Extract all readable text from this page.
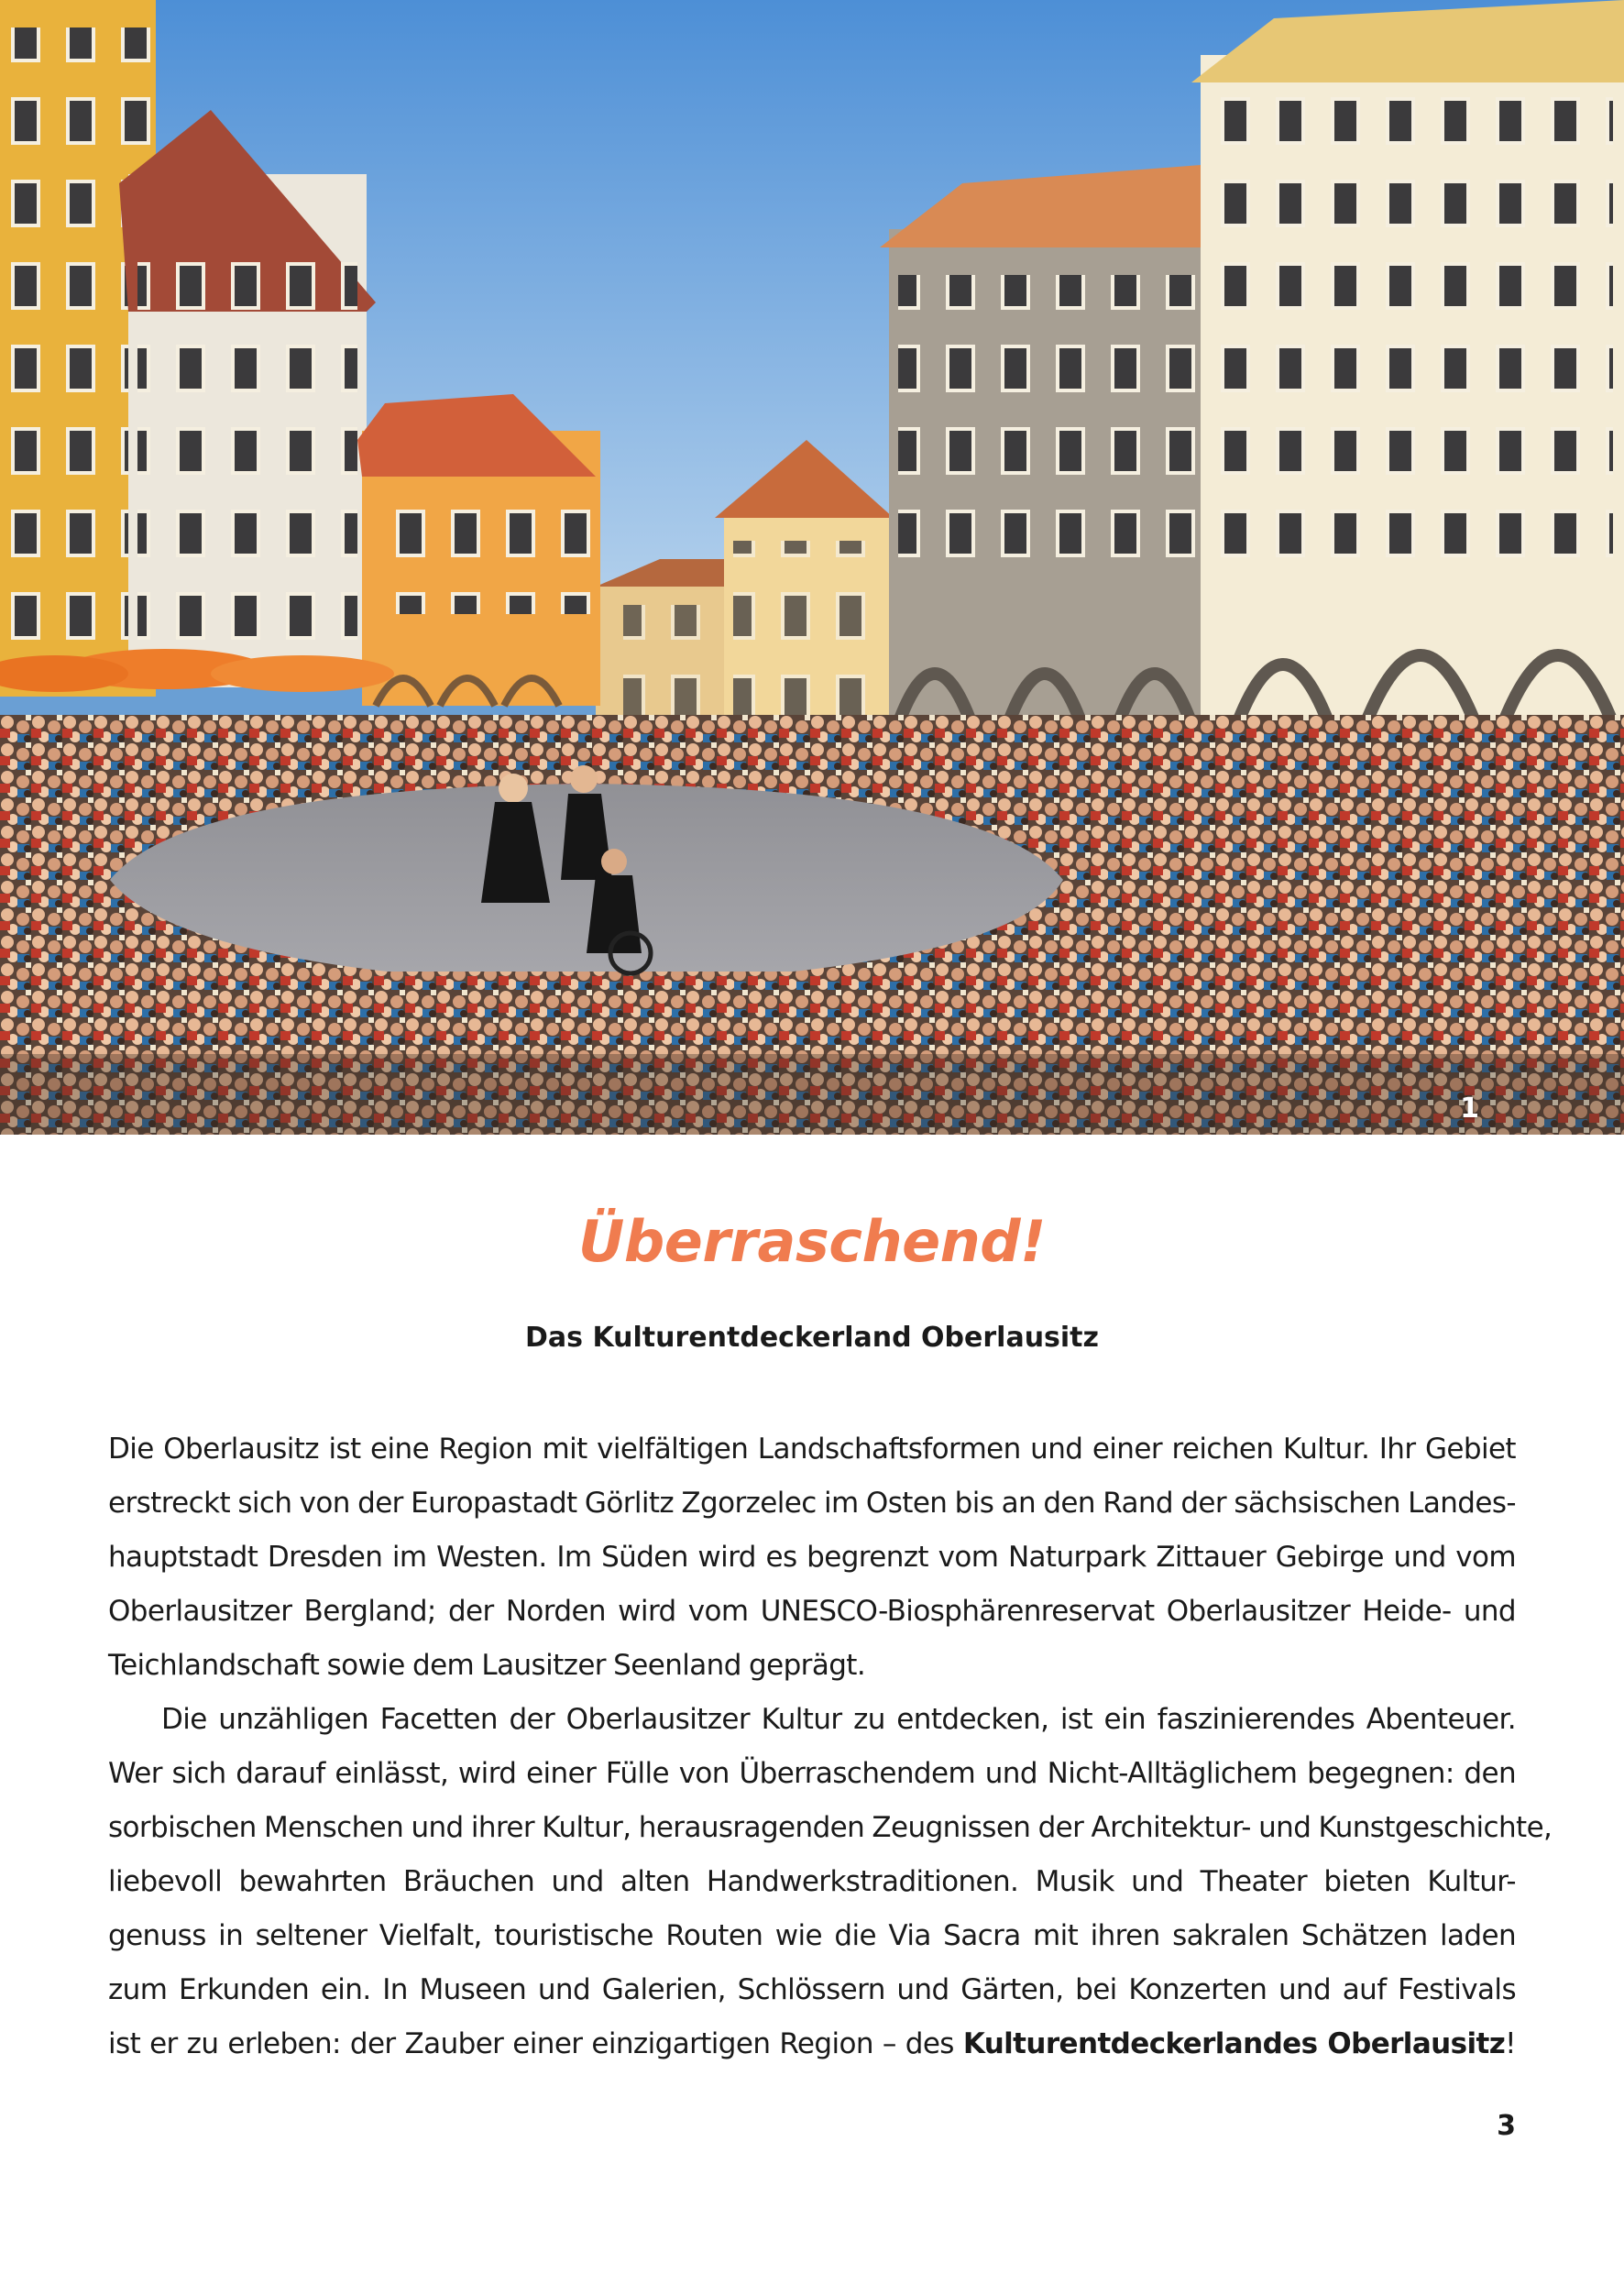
1
Überraschend!
Das Kulturentdeckerland Oberlausitz
Die Oberlausitz ist eine Region mit vielfältigen Landschaftsformen und einer reichen Kultur. Ihr Gebiet
erstreckt sich von der Europastadt Görlitz Zgorzelec im Osten bis an den Rand der sächsischen Landes-
hauptstadt Dresden im Westen. Im Süden wird es begrenzt vom Naturpark Zittauer Gebirge und vom
Oberlausitzer Bergland; der Norden wird vom UNESCO-Biosphärenreservat Oberlausitzer Heide- und
Teichlandschaft sowie dem Lausitzer Seenland geprägt.
Die unzähligen Facetten der Oberlausitzer Kultur zu entdecken, ist ein faszinierendes Abenteuer.
Wer sich darauf einlässt, wird einer Fülle von Überraschendem und Nicht-Alltäglichem begegnen: den
sorbischen Menschen und ihrer Kultur, herausragenden Zeugnissen der Architektur- und Kunstgeschichte,
liebevoll bewahrten Bräuchen und alten Handwerkstraditionen. Musik und Theater bieten Kultur-
genuss in seltener Vielfalt, touristische Routen wie die Via Sacra mit ihren sakralen Schätzen laden
zum Erkunden ein. In Museen und Galerien, Schlössern und Gärten, bei Konzerten und auf Festivals
ist er zu erleben: der Zauber einer einzigartigen Region – des Kulturentdeckerlandes Oberlausitz!
3
